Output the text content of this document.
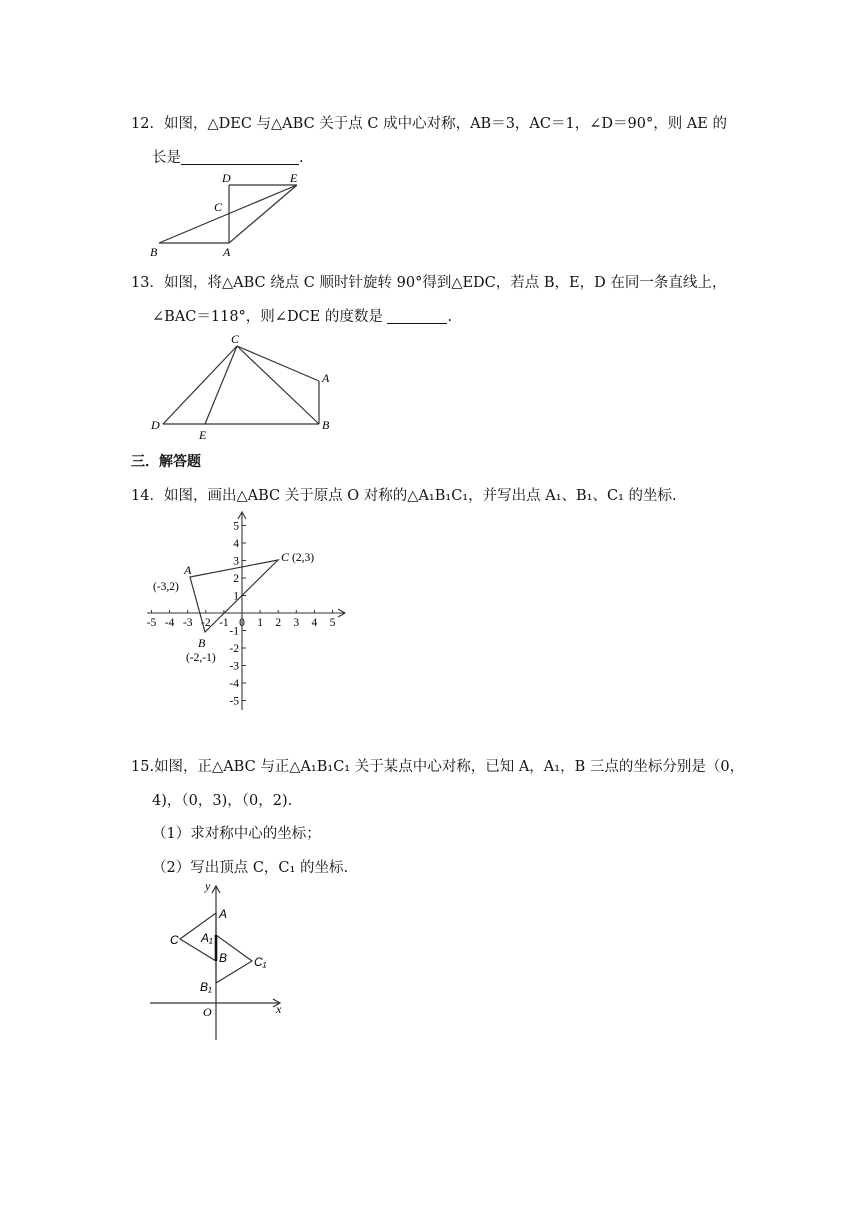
12．如图，△DEC 与△ABC 关于点 C 成中心对称，AB＝3，AC＝1，∠D＝90°，则 AE 的
长是	.
D	E
C
B	A
13．如图，将△ABC 绕点 C 顺时针旋转 90°得到△EDC，若点 B，E，D 在同一条直线上，
∠BAC＝118°，则∠DCE 的度数是	.
C
A
D
E
B
三．解答题
14．如图，画出△ABC 关于原点 O 对称的△A₁B₁C₁，并写出点 A₁、B₁、C₁ 的坐标.
-5 -4 -3 -2 -1 0 1 2 3 4 5
5
4
3
2
1
-1
-2
-3
-4
-5
A
(-3,2)
B
(-2,-1)
C (2,3)
15.如图，正△ABC 与正△A₁B₁C₁ 关于某点中心对称，已知 A，A₁，B 三点的坐标分别是（0，
4)，（0，3)，（0，2).
（1）求对称中心的坐标；
（2）写出顶点 C，C₁ 的坐标.
y
x
O
A
A₁
B
B₁
C
C₁
